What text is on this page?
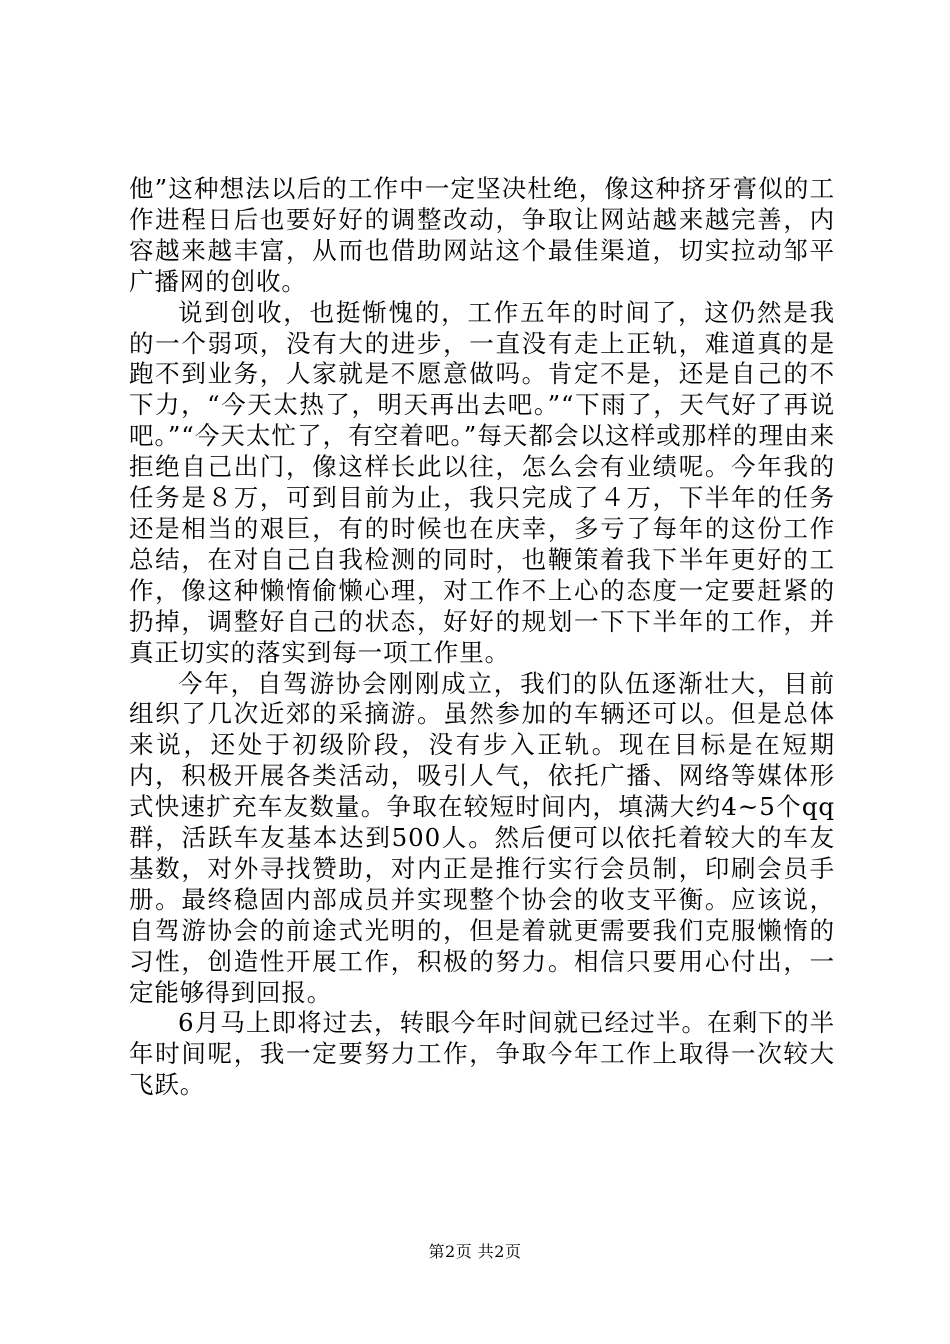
他”这种想法以后的工作中一定坚决杜绝，像这种挤牙膏似的工作进程日后也要好好的调整改动，争取让网站越来越完善，内容越来越丰富，从而也借助网站这个最佳渠道，切实拉动邹平广播网的创收。

说到创收，也挺惭愧的，工作五年的时间了，这仍然是我的一个弱项，没有大的进步，一直没有走上正轨，难道真的是跑不到业务，人家就是不愿意做吗。肯定不是，还是自己的不下力，“今天太热了，明天再出去吧。”“下雨了，天气好了再说吧。”“今天太忙了，有空着吧。”每天都会以这样或那样的理由来拒绝自己出门，像这样长此以往，怎么会有业绩呢。今年我的任务是８万，可到目前为止，我只完成了４万，下半年的任务还是相当的艰巨，有的时候也在庆幸，多亏了每年的这份工作总结，在对自己自我检测的同时，也鞭策着我下半年更好的工作，像这种懒惰偷懒心理，对工作不上心的态度一定要赶紧的扔掉，调整好自己的状态，好好的规划一下下半年的工作，并真正切实的落实到每一项工作里。

今年，自驾游协会刚刚成立，我们的队伍逐渐壮大，目前组织了几次近郊的采摘游。虽然参加的车辆还可以。但是总体来说，还处于初级阶段，没有步入正轨。现在目标是在短期内，积极开展各类活动，吸引人气，依托广播、网络等媒体形式快速扩充车友数量。争取在较短时间内，填满大约4~5个qq群，活跃车友基本达到500人。然后便可以依托着较大的车友基数，对外寻找赞助，对内正是推行实行会员制，印刷会员手册。最终稳固内部成员并实现整个协会的收支平衡。应该说，自驾游协会的前途式光明的，但是着就更需要我们克服懒惰的习性，创造性开展工作，积极的努力。相信只要用心付出，一定能够得到回报。

6月马上即将过去，转眼今年时间就已经过半。在剩下的半年时间呢，我一定要努力工作，争取今年工作上取得一次较大飞跃。

第2页 共2页
